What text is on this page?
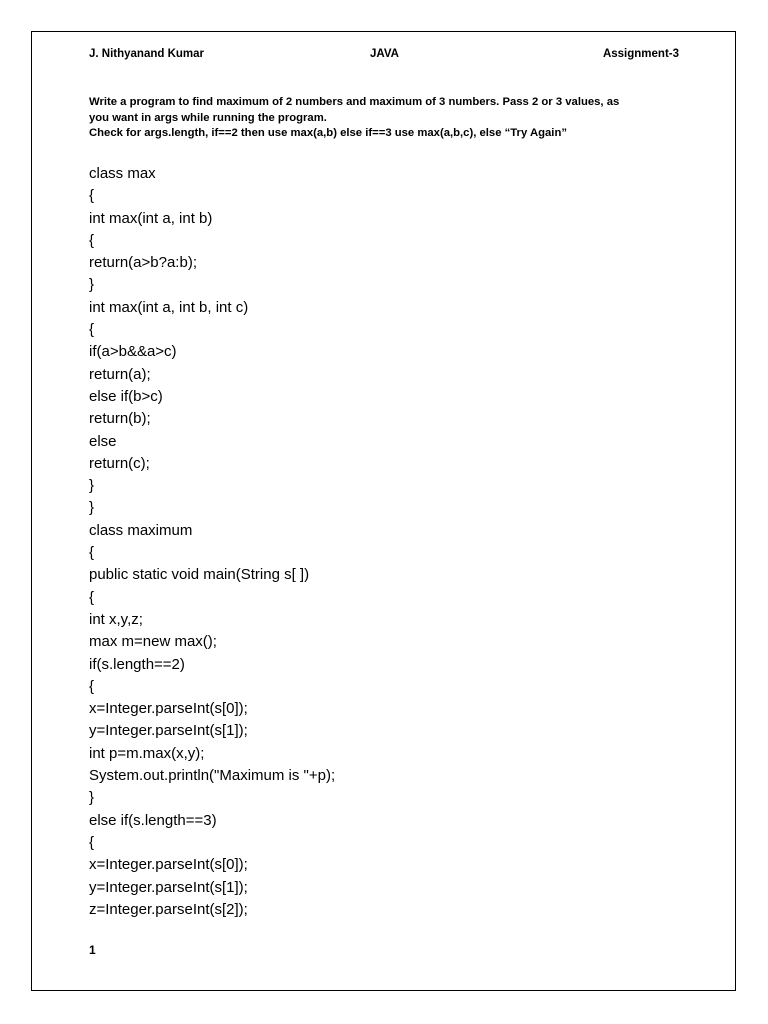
J. Nithyanand Kumar	JAVA	Assignment-3
Write a program to find maximum of 2 numbers and maximum of 3 numbers. Pass 2 or 3 values, as
you want in args while running the program.
Check for args.length, if==2 then use max(a,b) else if==3 use max(a,b,c), else “Try Again”
class max
{
int max(int a, int b)
{
return(a>b?a:b);
}
int max(int a, int b, int c)
{
if(a>b&&a>c)
return(a);
else if(b>c)
return(b);
else
return(c);
}
}
class maximum
{
public static void main(String s[ ])
{
int x,y,z;
max m=new max();
if(s.length==2)
{
x=Integer.parseInt(s[0]);
y=Integer.parseInt(s[1]);
int p=m.max(x,y);
System.out.println("Maximum is "+p);
}
else if(s.length==3)
{
x=Integer.parseInt(s[0]);
y=Integer.parseInt(s[1]);
z=Integer.parseInt(s[2]);
1
